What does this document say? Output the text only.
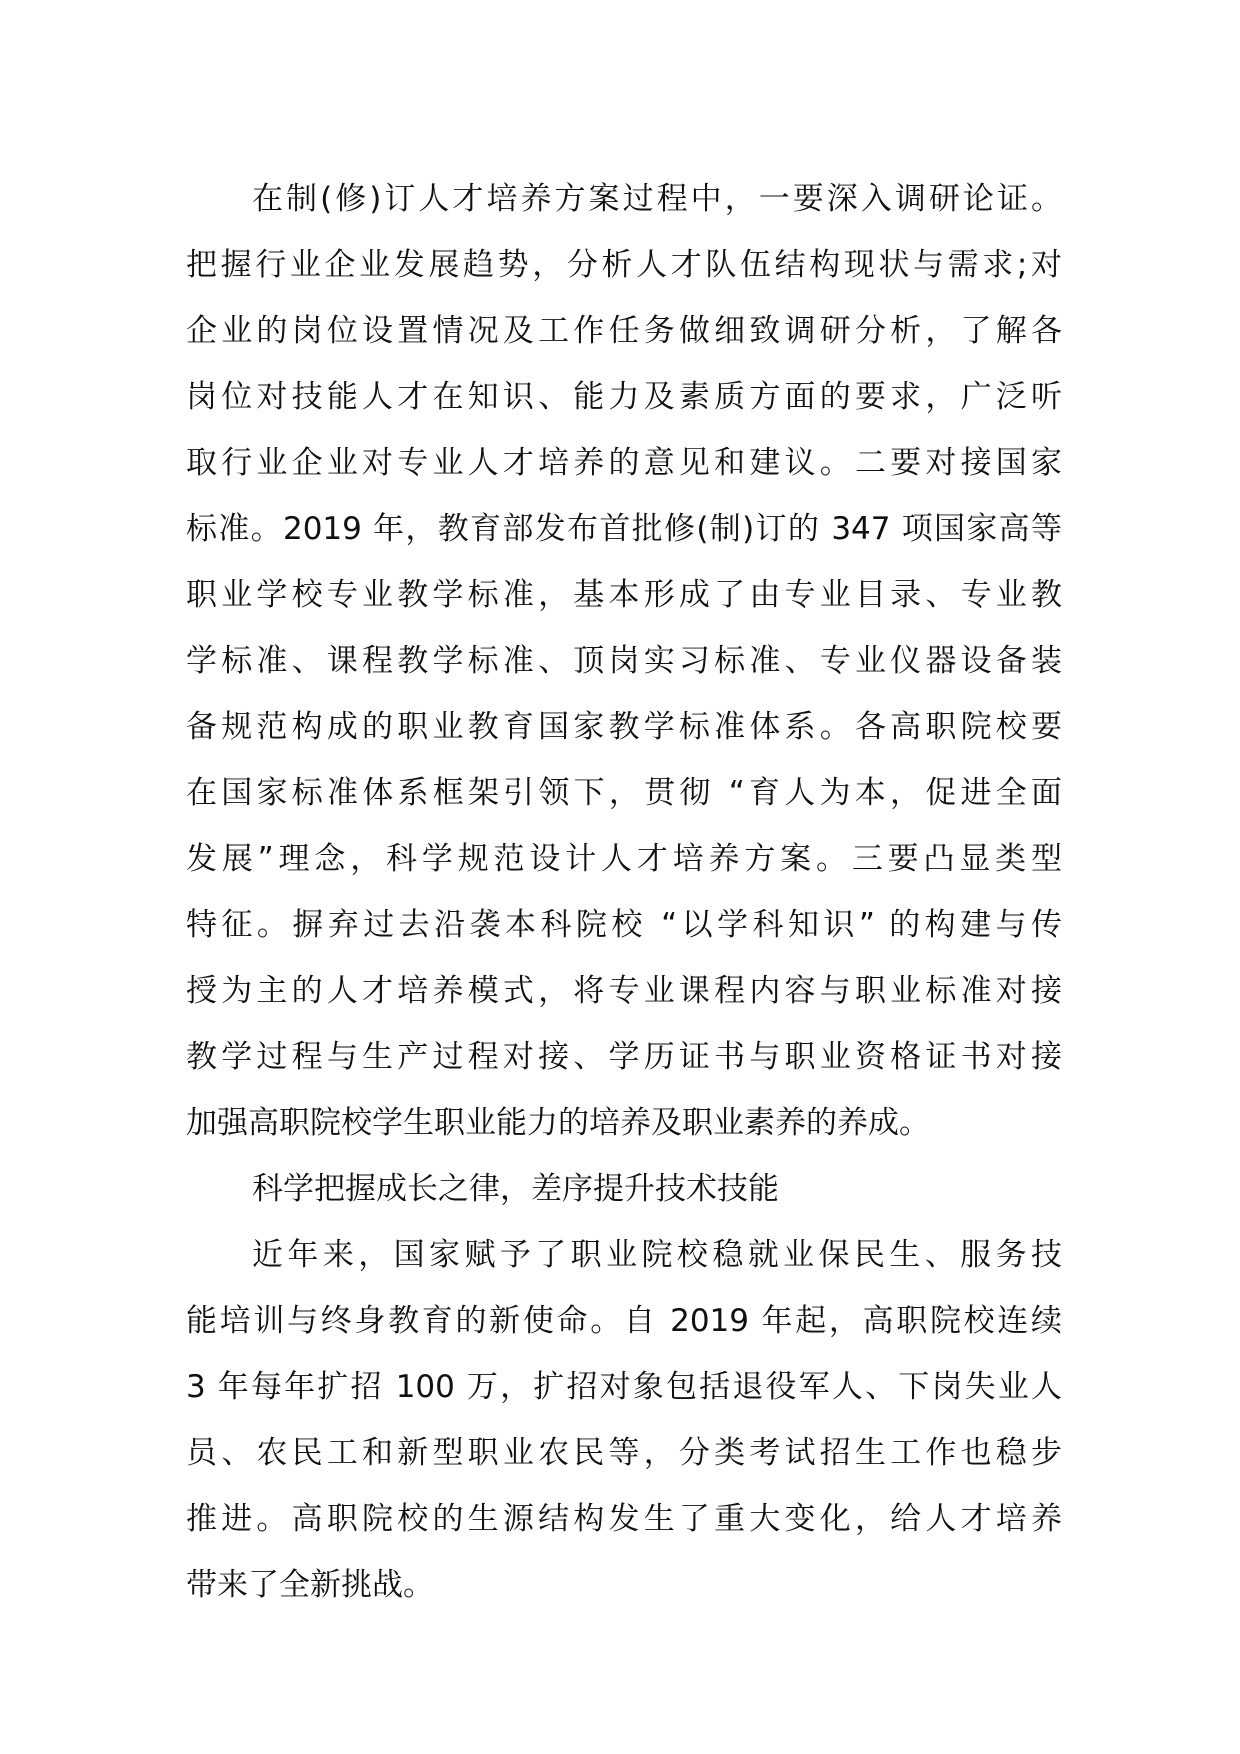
在制(修)订人才培养方案过程中，一要深入调研论证。
把握行业企业发展趋势，分析人才队伍结构现状与需求;对
企业的岗位设置情况及工作任务做细致调研分析，了解各
岗位对技能人才在知识、能力及素质方面的要求，广泛听
取行业企业对专业人才培养的意见和建议。二要对接国家
标准。2019 年，教育部发布首批修(制)订的 347 项国家高等
职业学校专业教学标准，基本形成了由专业目录、专业教
学标准、课程教学标准、顶岗实习标准、专业仪器设备装
备规范构成的职业教育国家教学标准体系。各高职院校要
在国家标准体系框架引领下，贯彻 “育人为本，促进全面
发展”理念，科学规范设计人才培养方案。三要凸显类型
特征。摒弃过去沿袭本科院校 “以学科知识” 的构建与传
授为主的人才培养模式，将专业课程内容与职业标准对接
教学过程与生产过程对接、学历证书与职业资格证书对接
加强高职院校学生职业能力的培养及职业素养的养成。
科学把握成长之律，差序提升技术技能
近年来，国家赋予了职业院校稳就业保民生、服务技
能培训与终身教育的新使命。自 2019 年起，高职院校连续
3 年每年扩招 100 万，扩招对象包括退役军人、下岗失业人
员、农民工和新型职业农民等，分类考试招生工作也稳步
推进。高职院校的生源结构发生了重大变化，给人才培养
带来了全新挑战。
